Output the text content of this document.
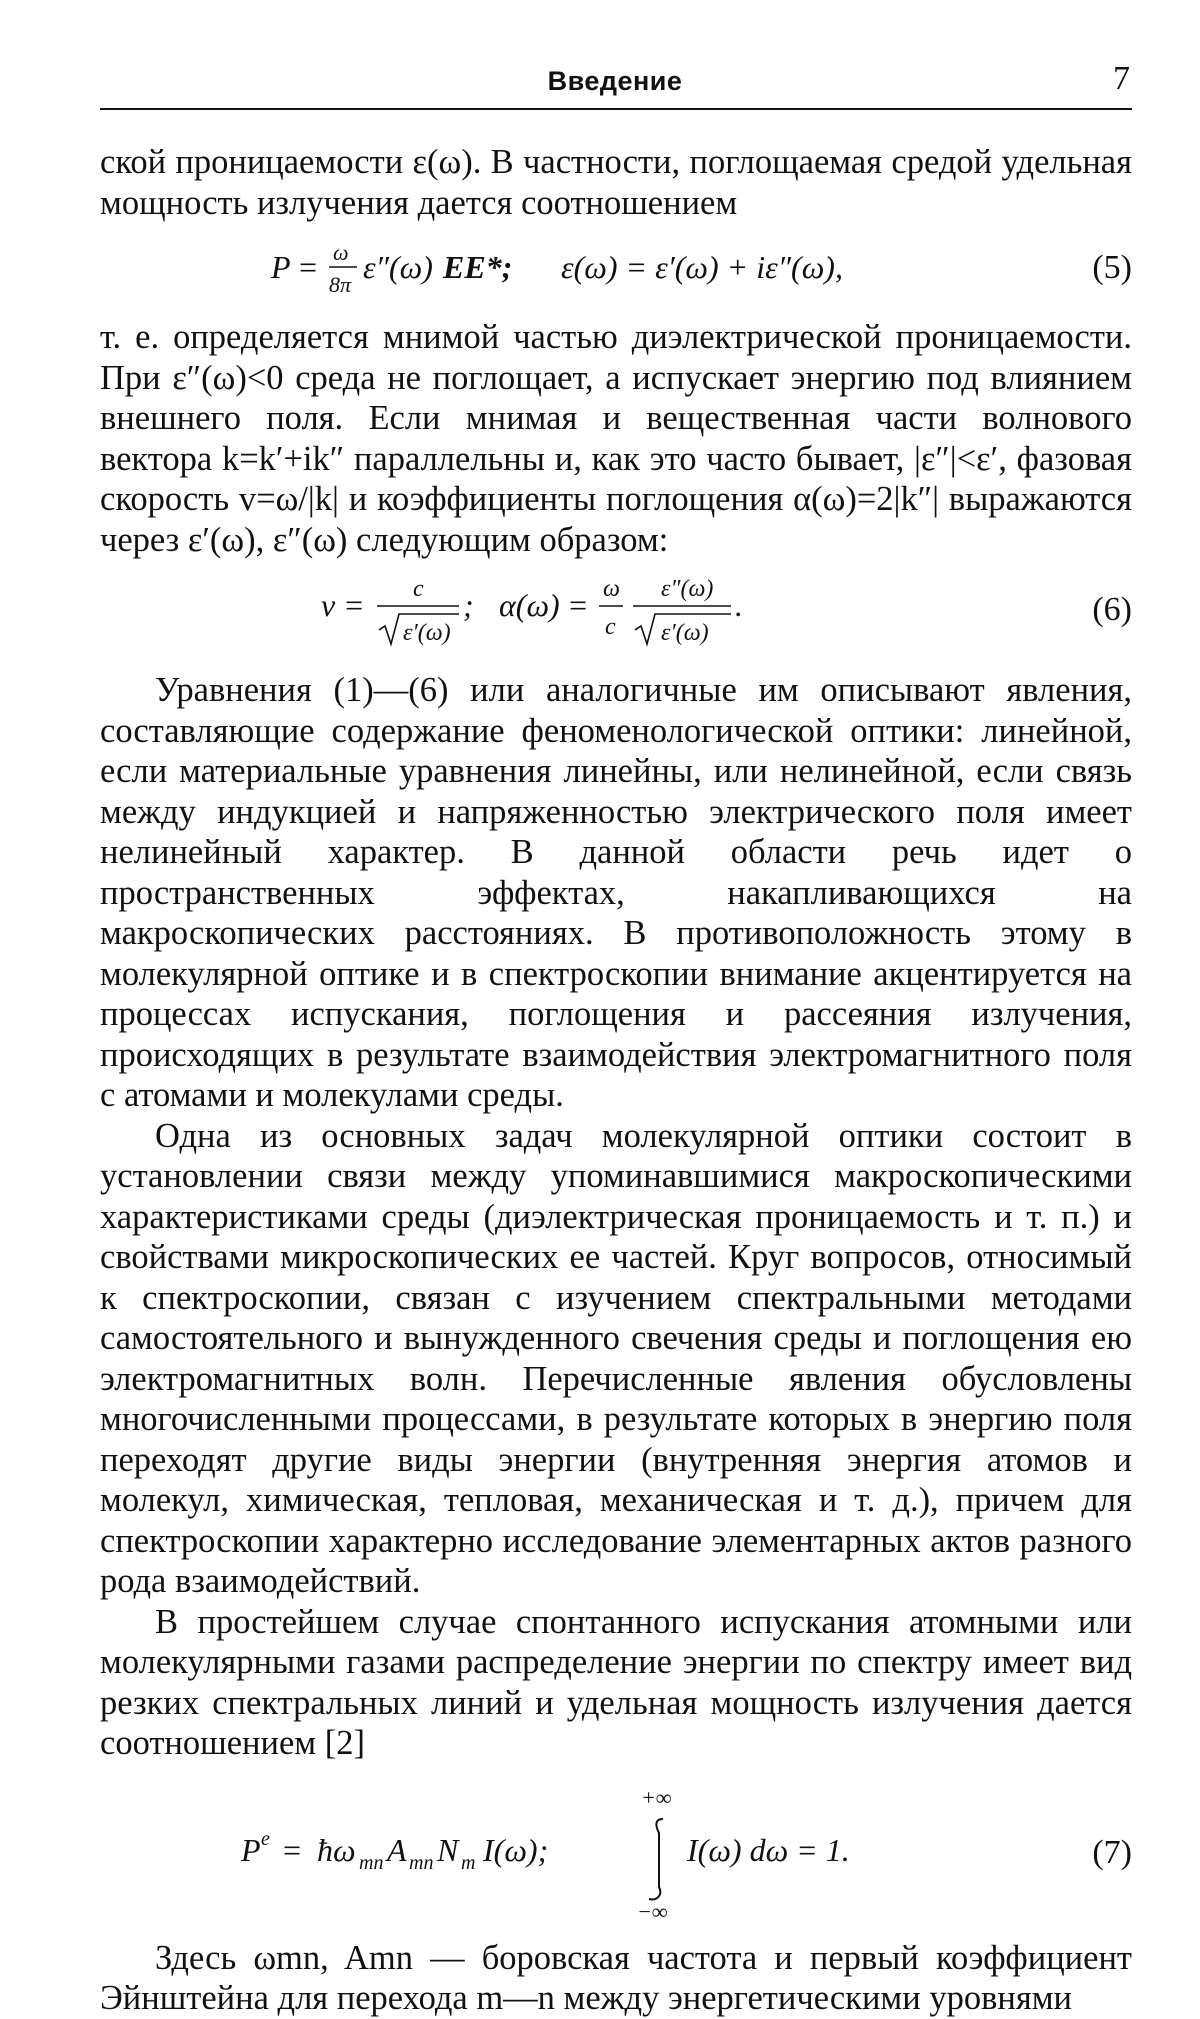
Введение	7

ской проницаемости ε(ω). В частности, поглощаемая средой удельная мощность излучения дается соотношением

P = ω
8π ε″(ω) EE*; ε(ω) = ε′(ω) + iε″(ω),	(5)

т. е. определяется мнимой частью диэлектрической проницаемости. При ε″(ω)<0 среда не поглощает, а испускает энергию под влиянием внешнего поля. Если мнимая и вещественная части волнового вектора k=k′+ik″ параллельны и, как это часто бывает, |ε″|<ε′, фазовая скорость v=ω/|k| и коэффициенты поглощения α(ω)=2|k″| выражаются через ε′(ω), ε″(ω) следующим образом:

v = c
ε′(ω)
; α(ω) = ω
c
ε″(ω)
ε′(ω)
.	(6)

Уравнения (1)—(6) или аналогичные им описывают явления, составляющие содержание феноменологической оптики: линейной, если материальные уравнения линейны, или нелинейной, если связь между индукцией и напряженностью электрического поля имеет нелинейный характер. В данной области речь идет о пространственных эффектах, накапливающихся на макроскопических расстояниях. В противоположность этому в молекулярной оптике и в спектроскопии внимание акцентируется на процессах испускания, поглощения и рассеяния излучения, происходящих в результате взаимодействия электромагнитного поля с атомами и молекулами среды.

Одна из основных задач молекулярной оптики состоит в установлении связи между упоминавшимися макроскопическими характеристиками среды (диэлектрическая проницаемость и т. п.) и свойствами микроскопических ее частей. Круг вопросов, относимый к спектроскопии, связан с изучением спектральными методами самостоятельного и вынужденного свечения среды и поглощения ею электромагнитных волн. Перечисленные явления обусловлены многочисленными процессами, в результате которых в энергию поля переходят другие виды энергии (внутренняя энергия атомов и молекул, химическая, тепловая, механическая и т. д.), причем для спектроскопии характерно исследование элементарных актов разного рода взаимодействий.

В простейшем случае спонтанного испускания атомными или молекулярными газами распределение энергии по спектру имеет вид резких спектральных линий и удельная мощность излучения дается соотношением [2]

P e = ħω mn A mn N m I(ω);
+∞
−∞
I(ω) dω = 1.	(7)

Здесь ωmn, Amn — боровская частота и первый коэффициент Эйнштейна для перехода m—n между энергетическими уровнями
